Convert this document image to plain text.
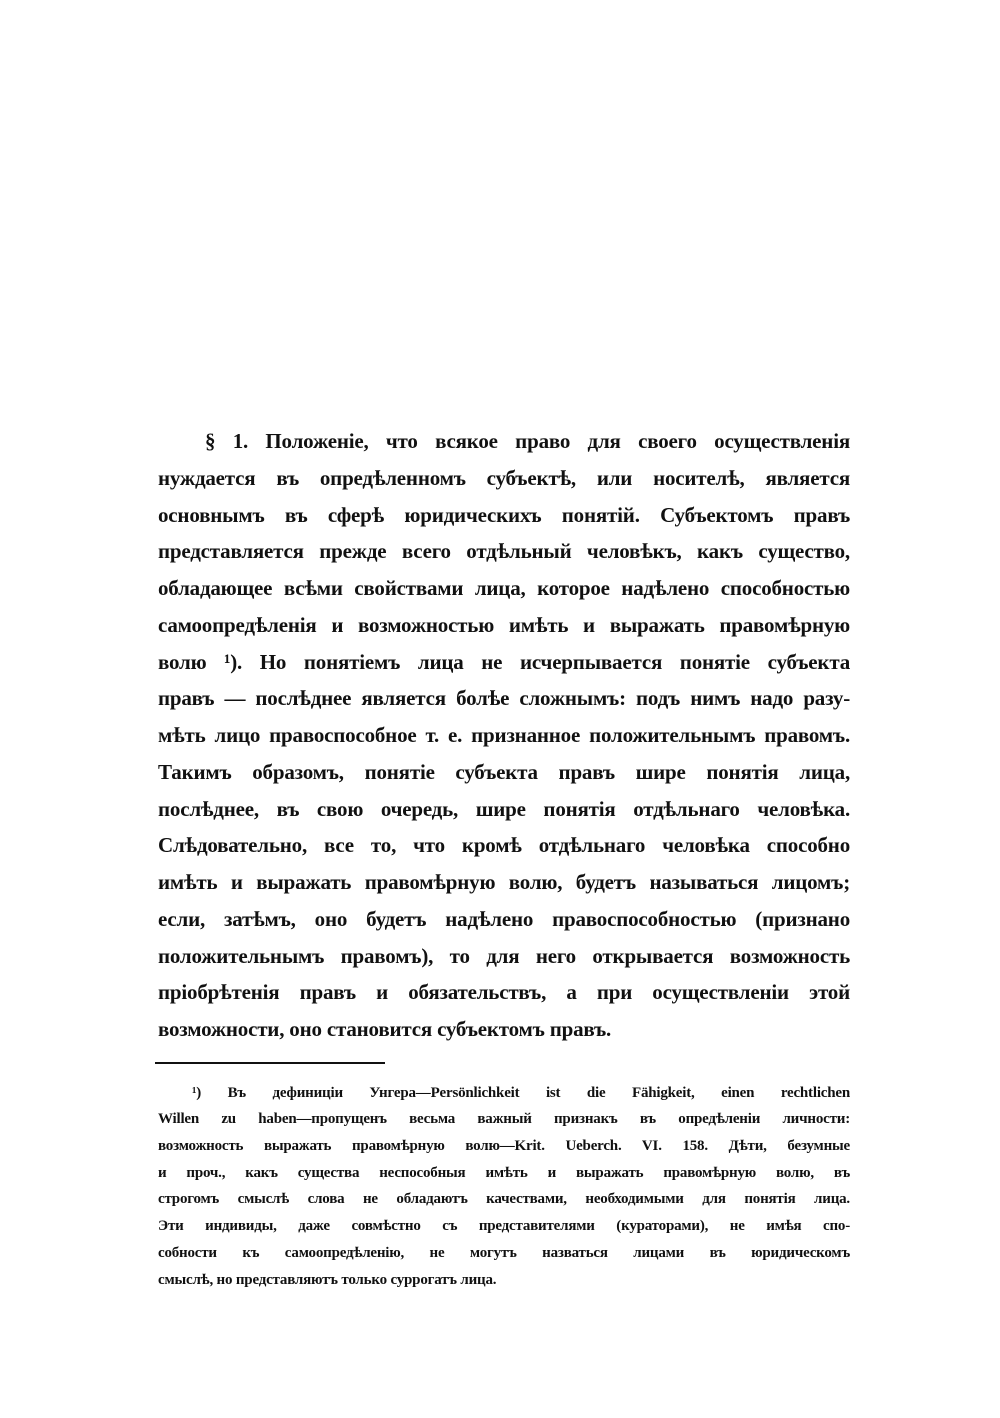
§ 1. Положеніе, что всякое право для своего осуществленія
нуждается въ опредѣленномъ субъектѣ, или носителѣ, является
основнымъ въ сферѣ юридическихъ понятій. Субъектомъ правъ
представляется прежде всего отдѣльный человѣкъ, какъ существо,
обладающее всѣми свойствами лица, которое надѣлено способностью
самоопредѣленія и возможностью имѣть и выражать правомѣрную
волю ¹). Но понятіемъ лица не исчерпывается понятіе субъекта
правъ — послѣднее является болѣе сложнымъ: подъ нимъ надо разу-
мѣть лицо правоспособное т. е. признанное положительнымъ правомъ.
Такимъ образомъ, понятіе субъекта правъ шире понятія лица,
послѣднее, въ свою очередь, шире понятія отдѣльнаго человѣка.
Слѣдовательно, все то, что кромѣ отдѣльнаго человѣка способно
имѣть и выражать правомѣрную волю, будетъ называться лицомъ;
если, затѣмъ, оно будетъ надѣлено правоспособностью (признано
положительнымъ правомъ), то для него открывается возможность
пріобрѣтенія правъ и обязательствъ, а при осуществленіи этой
возможности, оно становится субъектомъ правъ.
¹) Въ дефиниціи Унгера—Persönlichkeit ist die Fähigkeit, einen rechtlichen
Willen zu haben—пропущенъ весьма важный признакъ въ опредѣленіи личности:
возможность выражать правомѣрную волю—Krit. Ueberch. VI. 158. Дѣти, безумные
и проч., какъ существа неспособныя имѣть и выражать правомѣрную волю, въ
строгомъ смыслѣ слова не обладаютъ качествами, необходимыми для понятія лица.
Эти индивиды, даже совмѣстно съ представителями (кураторами), не имѣя спо-
собности къ самоопредѣленію, не могутъ назваться лицами въ юридическомъ
смыслѣ, но представляютъ только суррогатъ лица.
